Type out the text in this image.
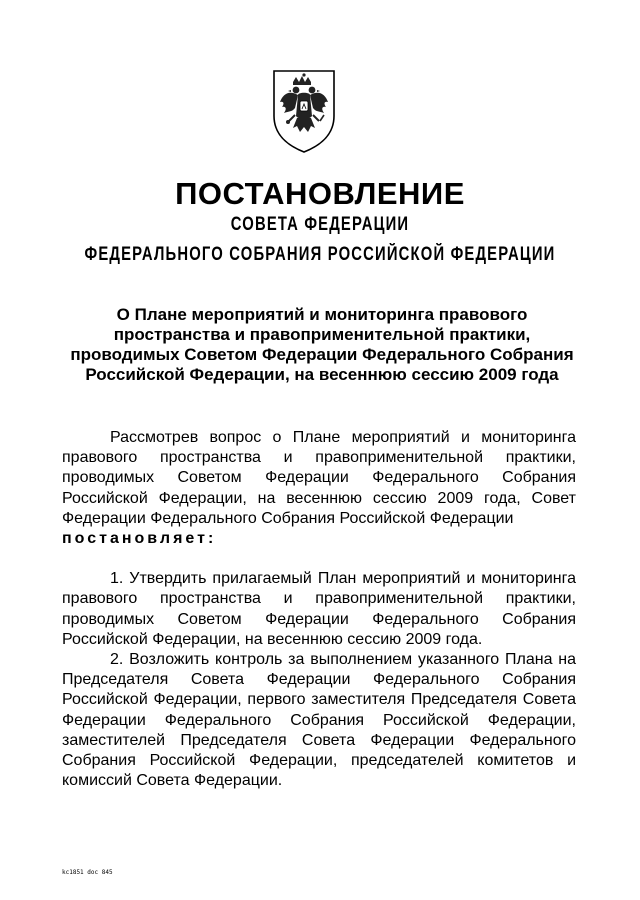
ПОСТАНОВЛЕНИЕ
СОВЕТА ФЕДЕРАЦИИ
ФЕДЕРАЛЬНОГО СОБРАНИЯ РОССИЙСКОЙ ФЕДЕРАЦИИ

О Плане мероприятий и мониторинга правового пространства и правоприменительной практики, проводимых Советом Федерации Федерального Собрания Российской Федерации, на весеннюю сессию 2009 года

Рассмотрев вопрос о Плане мероприятий и мониторинга правового пространства и правоприменительной практики, проводимых Советом Федерации Федерального Собрания Российской Федерации, на весеннюю сессию 2009 года, Совет Федерации Федерального Собрания Российской Федерации
постановляет:

1. Утвердить прилагаемый План мероприятий и мониторинга правового пространства и правоприменительной практики, проводимых Советом Федерации Федерального Собрания Российской Федерации, на весеннюю сессию 2009 года.

2. Возложить контроль за выполнением указанного Плана на Председателя Совета Федерации Федерального Собрания Российской Федерации, первого заместителя Председателя Совета Федерации Федерального Собрания Российской Федерации, заместителей Председателя Совета Федерации Федерального Собрания Российской Федерации, председателей комитетов и комиссий Совета Федерации.

kc1851 doc 845
